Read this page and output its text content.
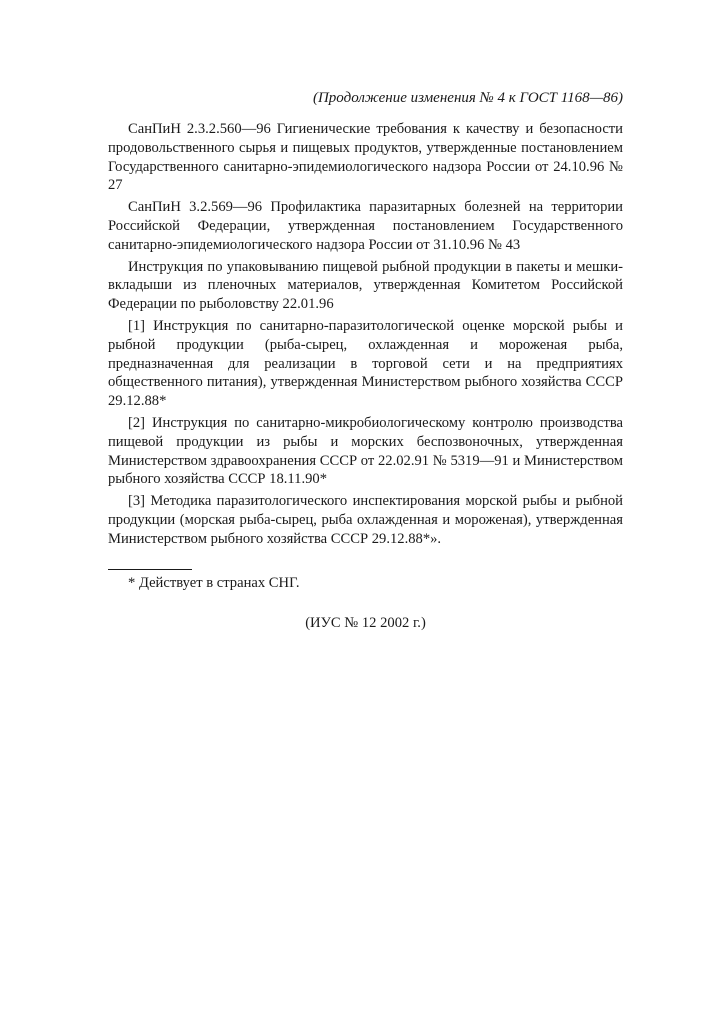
(Продолжение изменения № 4 к ГОСТ 1168—86)

СанПиН 2.3.2.560—96 Гигиенические требования к качеству и безопасности продовольственного сырья и пищевых продуктов, утвержденные постановлением Государственного санитарно-эпидемиологического надзора России от 24.10.96 № 27

СанПиН 3.2.569—96 Профилактика паразитарных болезней на территории Российской Федерации, утвержденная постановлением Государственного санитарно-эпидемиологического надзора России от 31.10.96 № 43

Инструкция по упаковыванию пищевой рыбной продукции в пакеты и мешки-вкладыши из пленочных материалов, утвержденная Комитетом Российской Федерации по рыболовству 22.01.96

[1] Инструкция по санитарно-паразитологической оценке морской рыбы и рыбной продукции (рыба-сырец, охлажденная и мороженая рыба, предназначенная для реализации в торговой сети и на предприятиях общественного питания), утвержденная Министерством рыбного хозяйства СССР 29.12.88*

[2] Инструкция по санитарно-микробиологическому контролю производства пищевой продукции из рыбы и морских беспозвоночных, утвержденная Министерством здравоохранения СССР от 22.02.91 № 5319—91 и Министерством рыбного хозяйства СССР 18.11.90*

[3] Методика паразитологического инспектирования морской рыбы и рыбной продукции (морская рыба-сырец, рыба охлажденная и мороженая), утвержденная Министерством рыбного хозяйства СССР 29.12.88*».

* Действует в странах СНГ.

(ИУС № 12 2002 г.)
